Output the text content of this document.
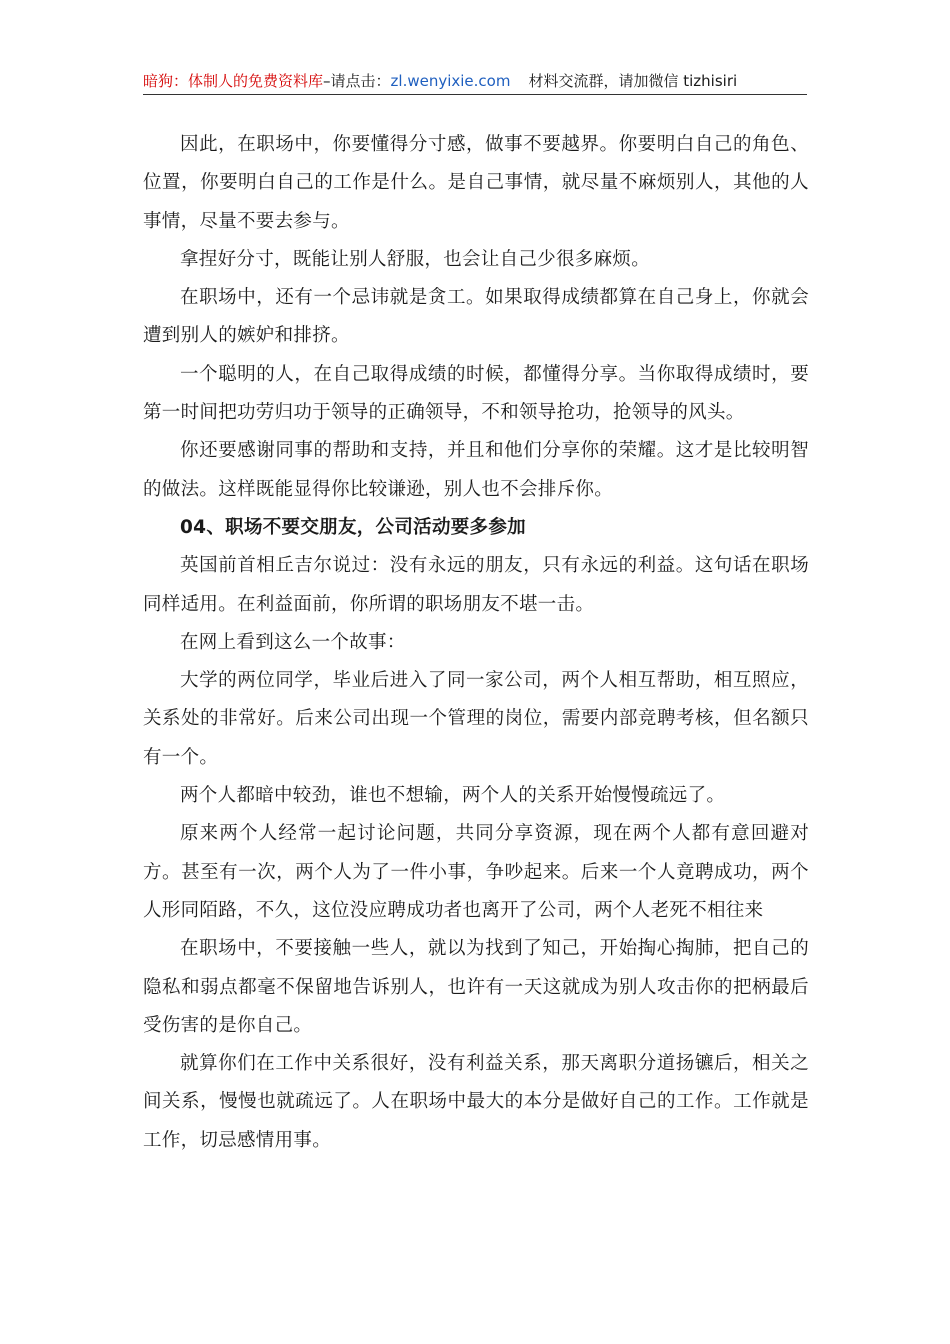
暗狗：体制人的免费资料库–请点击：zl.wenyixie.com 材料交流群，请加微信 tizhisiri

因此，在职场中，你要懂得分寸感，做事不要越界。你要明白自己的角色、位置，你要明白自己的工作是什么。是自己事情，就尽量不麻烦别人，其他的人事情，尽量不要去参与。

拿捏好分寸，既能让别人舒服，也会让自己少很多麻烦。

在职场中，还有一个忌讳就是贪工。如果取得成绩都算在自己身上，你就会遭到别人的嫉妒和排挤。

一个聪明的人，在自己取得成绩的时候，都懂得分享。当你取得成绩时，要第一时间把功劳归功于领导的正确领导，不和领导抢功，抢领导的风头。

你还要感谢同事的帮助和支持，并且和他们分享你的荣耀。这才是比较明智的做法。这样既能显得你比较谦逊，别人也不会排斥你。

04、职场不要交朋友，公司活动要多参加

英国前首相丘吉尔说过：没有永远的朋友，只有永远的利益。这句话在职场同样适用。在利益面前，你所谓的职场朋友不堪一击。

在网上看到这么一个故事：

大学的两位同学，毕业后进入了同一家公司，两个人相互帮助，相互照应，关系处的非常好。后来公司出现一个管理的岗位，需要内部竞聘考核，但名额只有一个。

两个人都暗中较劲，谁也不想输，两个人的关系开始慢慢疏远了。

原来两个人经常一起讨论问题，共同分享资源，现在两个人都有意回避对方。甚至有一次，两个人为了一件小事，争吵起来。后来一个人竟聘成功，两个人形同陌路，不久，这位没应聘成功者也离开了公司，两个人老死不相往来

在职场中，不要接触一些人，就以为找到了知己，开始掏心掏肺，把自己的隐私和弱点都毫不保留地告诉别人，也许有一天这就成为别人攻击你的把柄最后受伤害的是你自己。

就算你们在工作中关系很好，没有利益关系，那天离职分道扬镳后，相关之间关系，慢慢也就疏远了。人在职场中最大的本分是做好自己的工作。工作就是工作，切忌感情用事。
